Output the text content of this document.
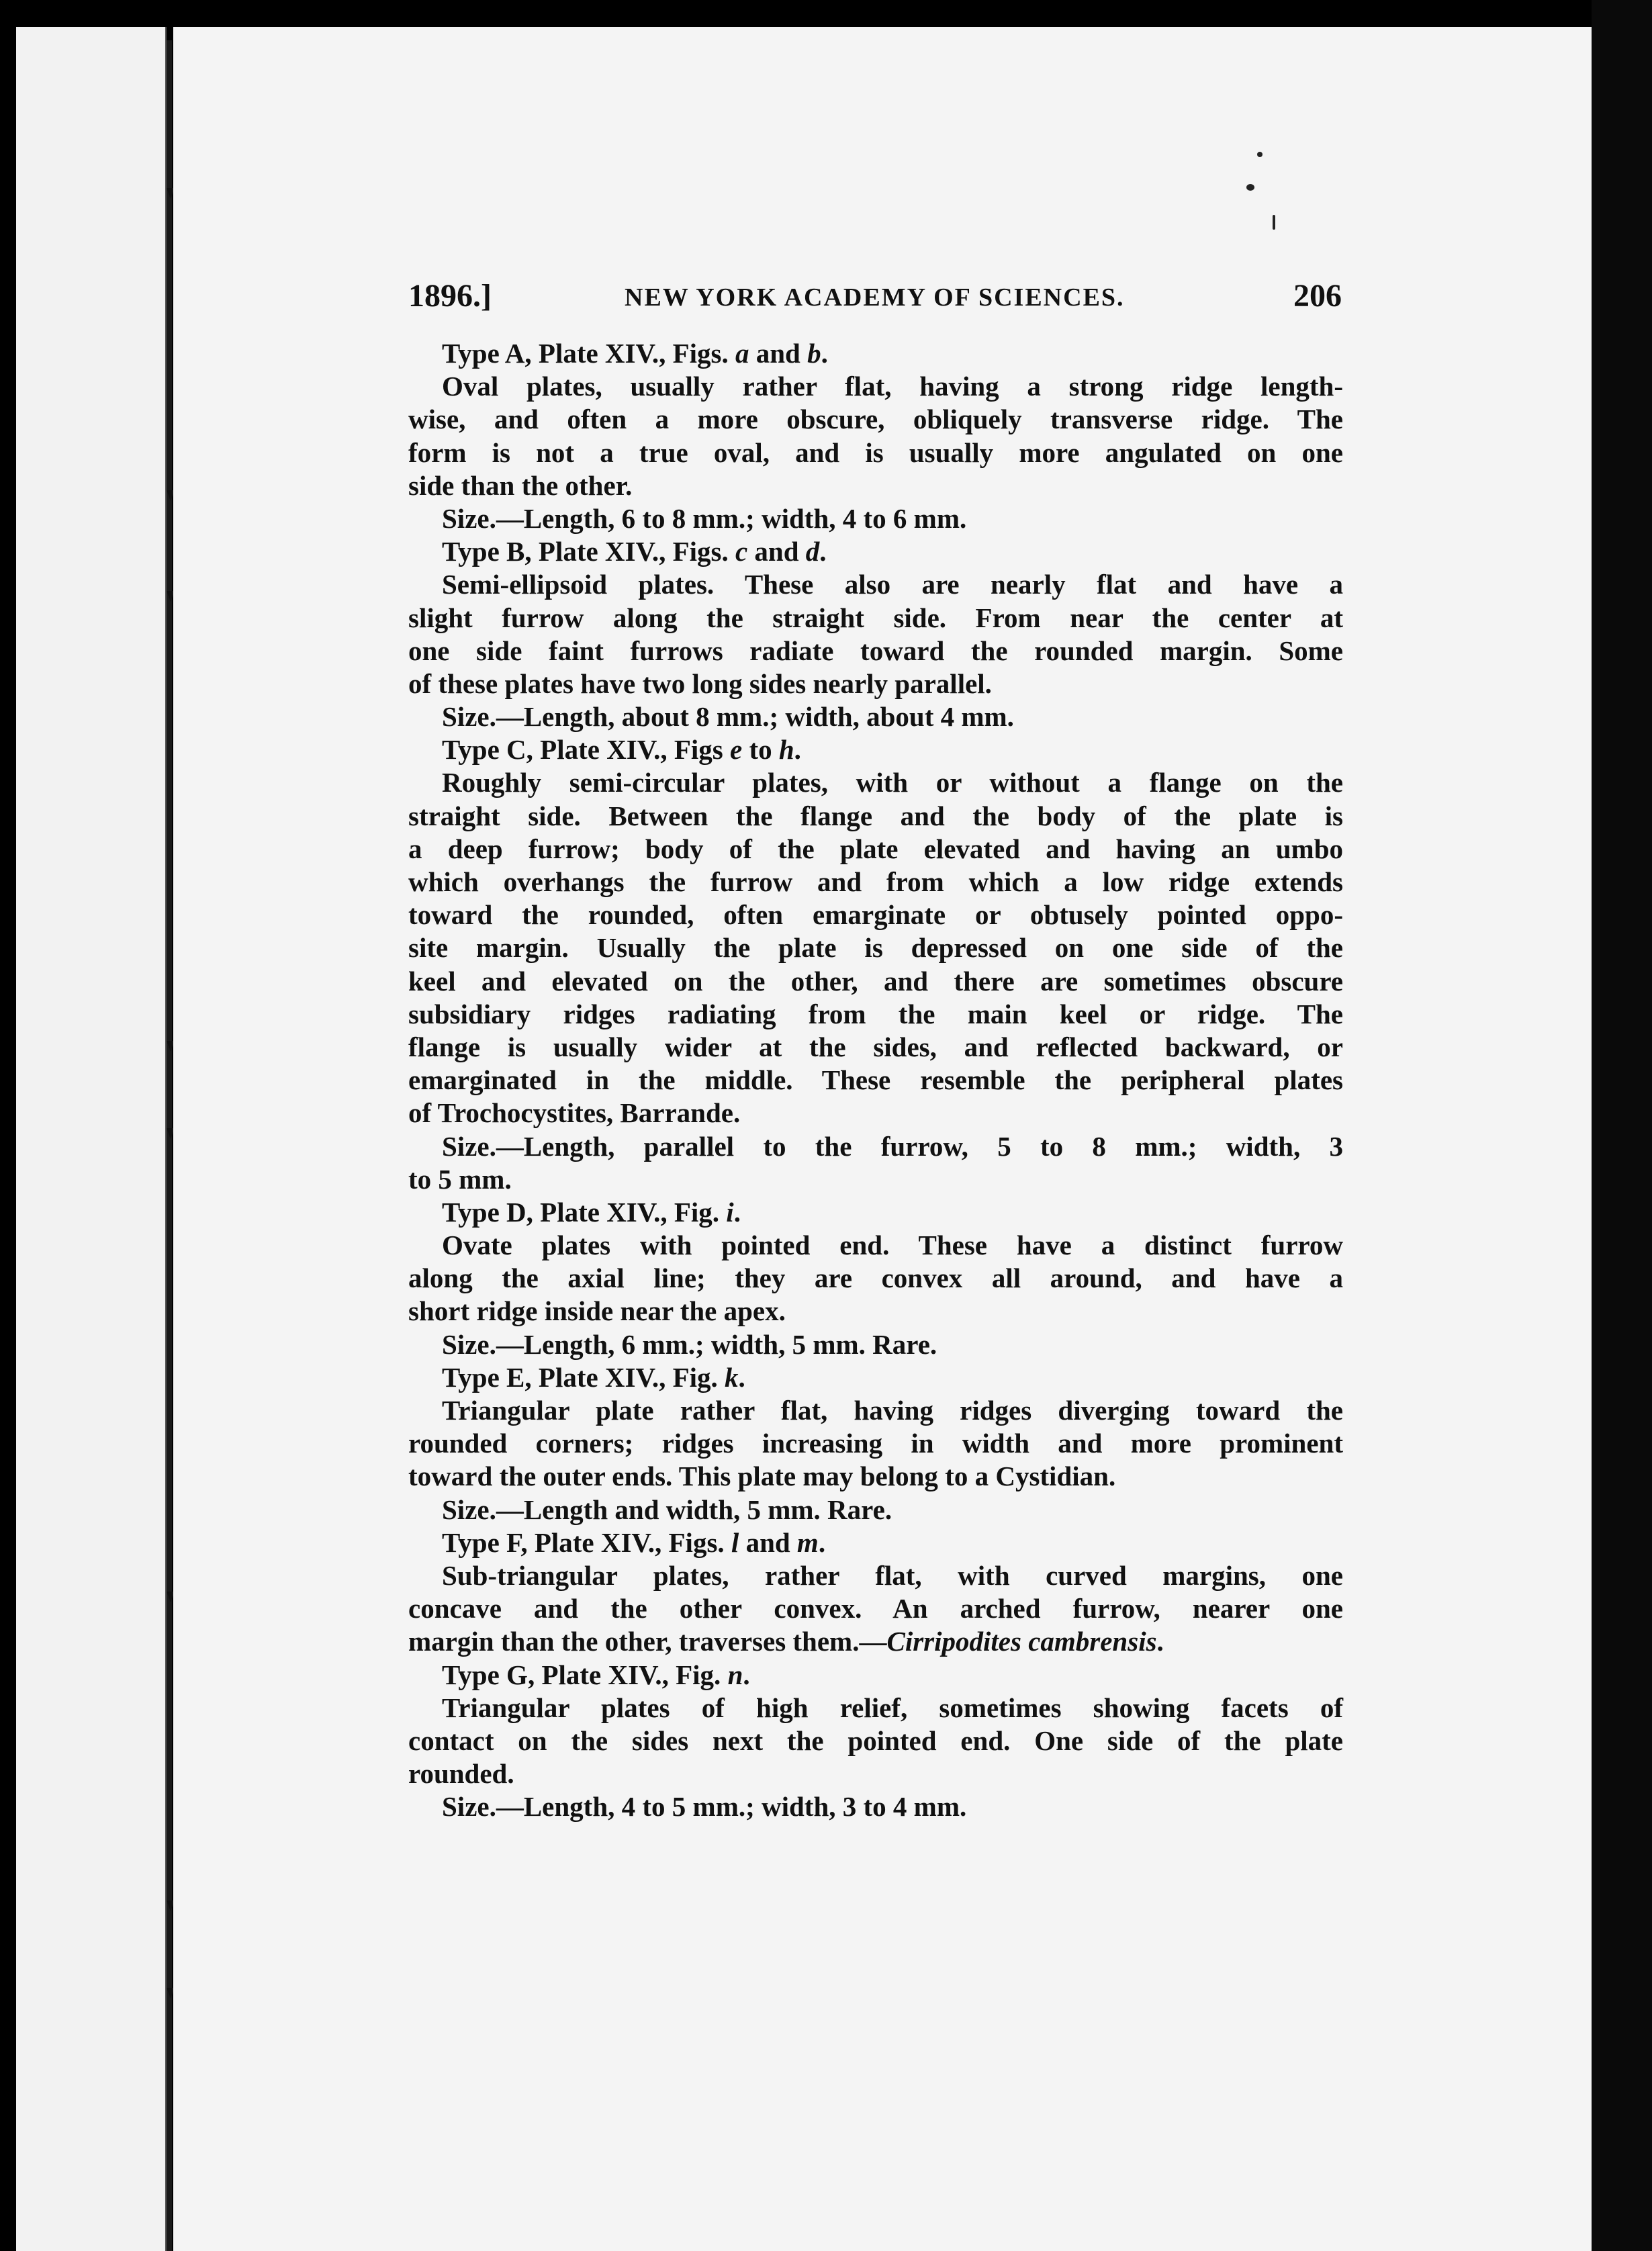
1896.]	NEW YORK ACADEMY OF SCIENCES.	206
Type A, Plate XIV., Figs. a and b.
Oval plates, usually rather flat, having a strong ridge length-
wise, and often a more obscure, obliquely transverse ridge. The
form is not a true oval, and is usually more angulated on one
side than the other.
Size.—Length, 6 to 8 mm.; width, 4 to 6 mm.
Type B, Plate XIV., Figs. c and d.
Semi-ellipsoid plates. These also are nearly flat and have a
slight furrow along the straight side. From near the center at
one side faint furrows radiate toward the rounded margin. Some
of these plates have two long sides nearly parallel.
Size.—Length, about 8 mm.; width, about 4 mm.
Type C, Plate XIV., Figs e to h.
Roughly semi-circular plates, with or without a flange on the
straight side. Between the flange and the body of the plate is
a deep furrow; body of the plate elevated and having an umbo
which overhangs the furrow and from which a low ridge extends
toward the rounded, often emarginate or obtusely pointed oppo-
site margin. Usually the plate is depressed on one side of the
keel and elevated on the other, and there are sometimes obscure
subsidiary ridges radiating from the main keel or ridge. The
flange is usually wider at the sides, and reflected backward, or
emarginated in the middle. These resemble the peripheral plates
of Trochocystites, Barrande.
Size.—Length, parallel to the furrow, 5 to 8 mm.; width, 3
to 5 mm.
Type D, Plate XIV., Fig. i.
Ovate plates with pointed end. These have a distinct furrow
along the axial line; they are convex all around, and have a
short ridge inside near the apex.
Size.—Length, 6 mm.; width, 5 mm. Rare.
Type E, Plate XIV., Fig. k.
Triangular plate rather flat, having ridges diverging toward the
rounded corners; ridges increasing in width and more prominent
toward the outer ends. This plate may belong to a Cystidian.
Size.—Length and width, 5 mm. Rare.
Type F, Plate XIV., Figs. l and m.
Sub-triangular plates, rather flat, with curved margins, one
concave and the other convex. An arched furrow, nearer one
margin than the other, traverses them.—Cirripodites cambrensis.
Type G, Plate XIV., Fig. n.
Triangular plates of high relief, sometimes showing facets of
contact on the sides next the pointed end. One side of the plate
rounded.
Size.—Length, 4 to 5 mm.; width, 3 to 4 mm.
